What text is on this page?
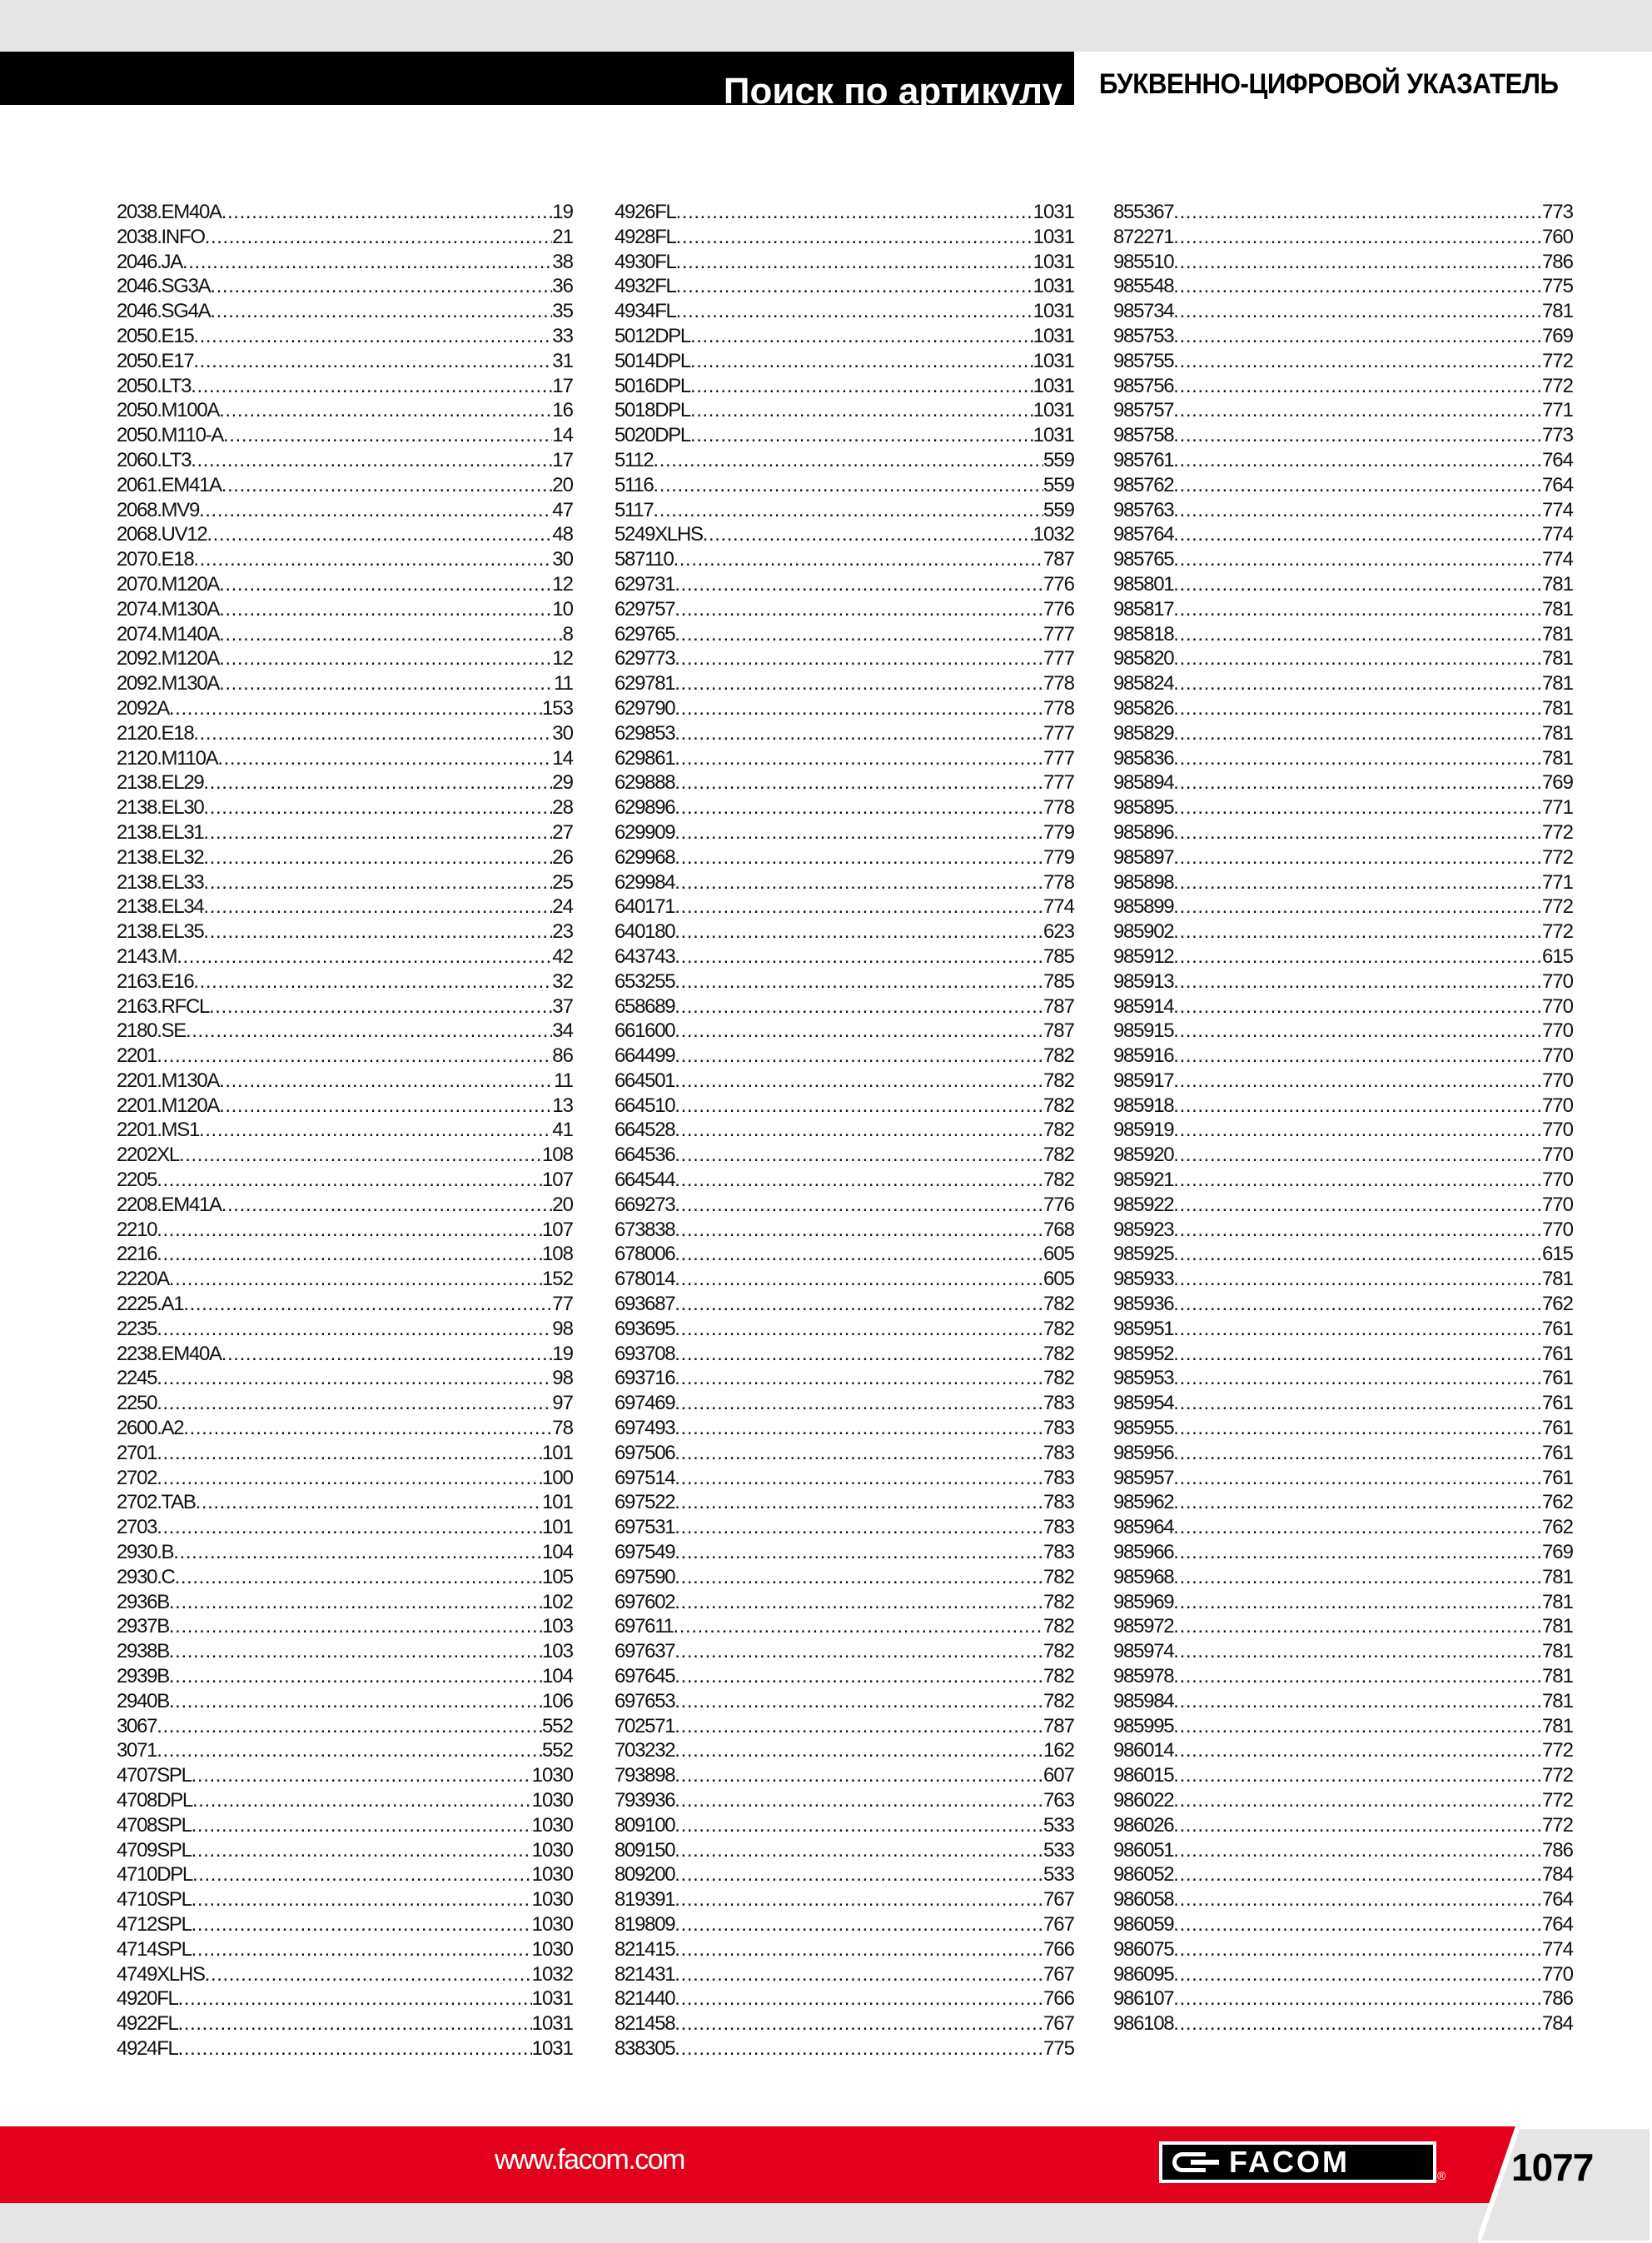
Поиск по артикулу БУКВЕННО-ЦИФРОВОЙ УКАЗАТЕЛЬ
2038.EM40A .....	19
2038.INFO .....	21
2046.JA .....	38
2046.SG3A .....	36
2046.SG4A .....	35
2050.E15 .....	33
2050.E17 .....	31
2050.LT3 .....	17
2050.M100A .....	16
2050.M110-A .....	14
2060.LT3 .....	17
2061.EM41A .....	20
2068.MV9 .....	47
2068.UV12 .....	48
2070.E18 .....	30
2070.M120A .....	12
2074.M130A .....	10
2074.M140A .....	8
2092.M120A .....	12
2092.M130A .....	11
2092A .....	153
2120.E18 .....	30
2120.M110A .....	14
2138.EL29 .....	29
2138.EL30 .....	28
2138.EL31 .....	27
2138.EL32 .....	26
2138.EL33 .....	25
2138.EL34 .....	24
2138.EL35 .....	23
2143.M .....	42
2163.E16 .....	32
2163.RFCL .....	37
2180.SE .....	34
2201 .....	86
2201.M130A .....	11
2201.M120A .....	13
2201.MS1 .....	41
2202XL .....	108
2205 .....	107
2208.EM41A .....	20
2210 .....	107
2216 .....	108
2220A .....	152
2225.A1 .....	77
2235 .....	98
2238.EM40A .....	19
2245 .....	98
2250 .....	97
2600.A2 .....	78
2701 .....	101
2702 .....	100
2702.TAB .....	101
2703 .....	101
2930.B .....	104
2930.C .....	105
2936B .....	102
2937B .....	103
2938B .....	103
2939B .....	104
2940B .....	106
3067 .....	552
3071 .....	552
4707SPL .....	1030
4708DPL .....	1030
4708SPL .....	1030
4709SPL .....	1030
4710DPL .....	1030
4710SPL .....	1030
4712SPL .....	1030
4714SPL .....	1030
4749XLHS .....	1032
4920FL .....	1031
4922FL .....	1031
4924FL .....	1031
4926FL .....	1031
4928FL .....	1031
4930FL .....	1031
4932FL .....	1031
4934FL .....	1031
5012DPL .....	1031
5014DPL .....	1031
5016DPL .....	1031
5018DPL .....	1031
5020DPL .....	1031
5112 .....	559
5116 .....	559
5117 .....	559
5249XLHS .....	1032
587110 .....	787
629731 .....	776
629757 .....	776
629765 .....	777
629773 .....	777
629781 .....	778
629790 .....	778
629853 .....	777
629861 .....	777
629888 .....	777
629896 .....	778
629909 .....	779
629968 .....	779
629984 .....	778
640171 .....	774
640180 .....	623
643743 .....	785
653255 .....	785
658689 .....	787
661600 .....	787
664499 .....	782
664501 .....	782
664510 .....	782
664528 .....	782
664536 .....	782
664544 .....	782
669273 .....	776
673838 .....	768
678006 .....	605
678014 .....	605
693687 .....	782
693695 .....	782
693708 .....	782
693716 .....	782
697469 .....	783
697493 .....	783
697506 .....	783
697514 .....	783
697522 .....	783
697531 .....	783
697549 .....	783
697590 .....	782
697602 .....	782
697611 .....	782
697637 .....	782
697645 .....	782
697653 .....	782
702571 .....	787
703232 .....	162
793898 .....	607
793936 .....	763
809100 .....	533
809150 .....	533
809200 .....	533
819391 .....	767
819809 .....	767
821415 .....	766
821431 .....	767
821440 .....	766
821458 .....	767
838305 .....	775
855367 .....	773
872271 .....	760
985510 .....	786
985548 .....	775
985734 .....	781
985753 .....	769
985755 .....	772
985756 .....	772
985757 .....	771
985758 .....	773
985761 .....	764
985762 .....	764
985763 .....	774
985764 .....	774
985765 .....	774
985801 .....	781
985817 .....	781
985818 .....	781
985820 .....	781
985824 .....	781
985826 .....	781
985829 .....	781
985836 .....	781
985894 .....	769
985895 .....	771
985896 .....	772
985897 .....	772
985898 .....	771
985899 .....	772
985902 .....	772
985912 .....	615
985913 .....	770
985914 .....	770
985915 .....	770
985916 .....	770
985917 .....	770
985918 .....	770
985919 .....	770
985920 .....	770
985921 .....	770
985922 .....	770
985923 .....	770
985925 .....	615
985933 .....	781
985936 .....	762
985951 .....	761
985952 .....	761
985953 .....	761
985954 .....	761
985955 .....	761
985956 .....	761
985957 .....	761
985962 .....	762
985964 .....	762
985966 .....	769
985968 .....	781
985969 .....	781
985972 .....	781
985974 .....	781
985978 .....	781
985984 .....	781
985995 .....	781
986014 .....	772
986015 .....	772
986022 .....	772
986026 .....	772
986051 .....	786
986052 .....	784
986058 .....	764
986059 .....	764
986075 .....	774
986095 .....	770
986107 .....	786
986108 .....	784
www.facom.com	FACOM	® 1077
